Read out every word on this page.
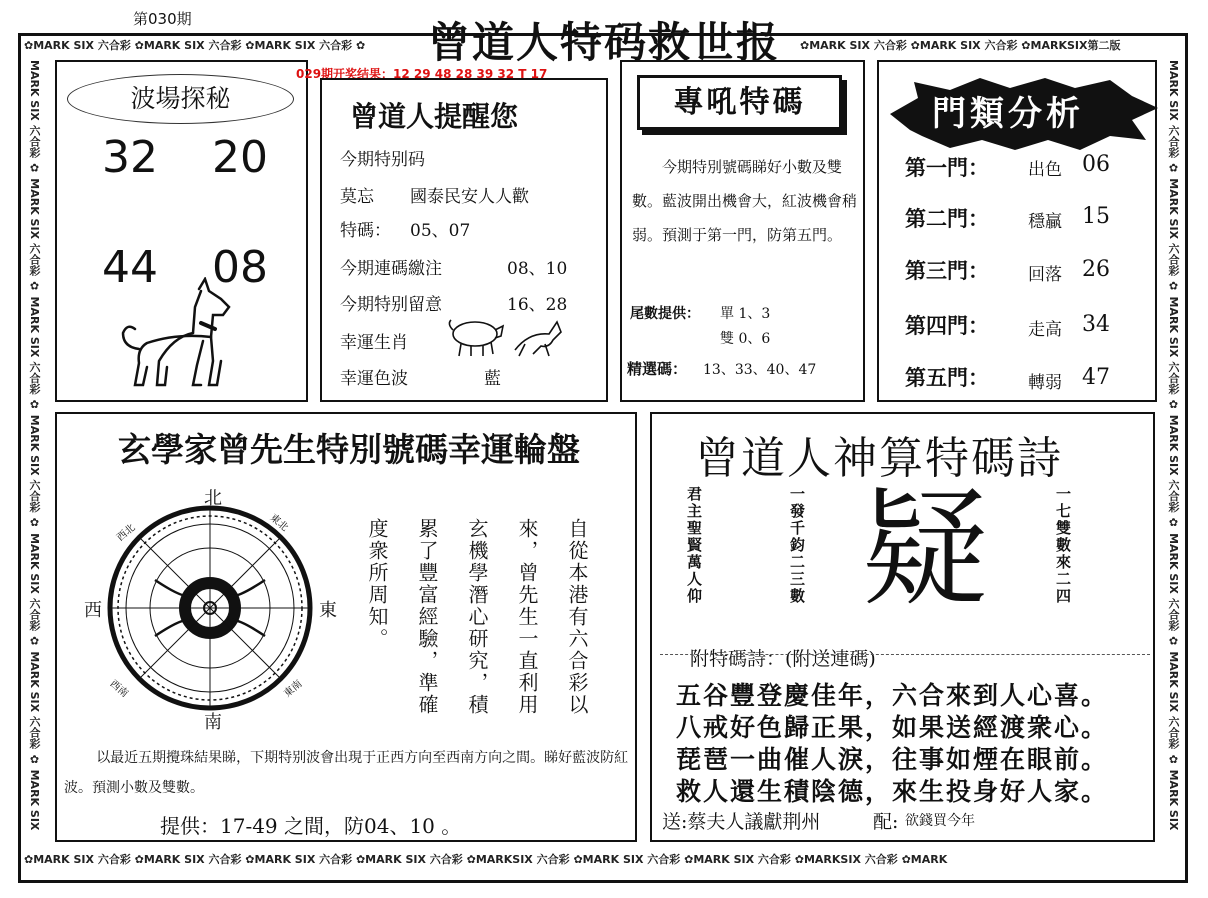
第030期	曾道人特码救世报
✿MARK SIX 六合彩 ✿MARK SIX 六合彩 ✿MARK SIX 六合彩 ✿	✿MARK SIX 六合彩 ✿MARK SIX 六合彩 ✿MARKSIX第二版
✿MARK SIX 六合彩 ✿MARK SIX 六合彩 ✿MARK SIX 六合彩 ✿MARK SIX 六合彩 ✿MARKSIX 六合彩 ✿MARK SIX 六合彩 ✿MARK SIX 六合彩 ✿MARKSIX 六合彩 ✿MARK
MARK SIX 六合彩 ✿ MARK SIX 六合彩 ✿ MARK SIX 六合彩 ✿ MARK SIX 六合彩 ✿ MARK SIX 六合彩 ✿ MARK SIX 六合彩 ✿ MARK SIX	MARK SIX 六合彩 ✿ MARK SIX 六合彩 ✿ MARK SIX 六合彩 ✿ MARK SIX 六合彩 ✿ MARK SIX 六合彩 ✿ MARK SIX 六合彩 ✿ MARK SIX
波場探秘
32 20
44 08
029期开奖结果：12 29 48 28 39 32 T 17
曾道人提醒您
今期特别码
莫忘 國泰民安人人歡
特碼： 05、07
今期連碼繳注	08、10
今期特别留意	16、28
幸運生肖
幸運色波	藍
專吼特碼
今期特別號碼睇好小數及雙數。藍波開出機會大，紅波機會稍弱。預測于第一門，防第五門。
尾數提供： 單 1、3
雙 0、6
精選碼： 13、33、40、47
門類分析
第一門： 出色 06
第二門： 穩贏 15
第三門： 回落 26
第四門： 走高 34
第五門： 轉弱 47
玄學家曾先生特別號碼幸運輪盤
北
南
東
西
東北
西北
東南
西南	自從本港有六合彩以
來，曾先生一直利用
玄機學潛心研究，積
累了豐富經驗，準確
度衆所周知。
以最近五期攪珠結果睇，下期特别波會出現于正西方向至西南方向之間。睇好藍波防紅波。預測小數及雙數。
提供：17-49 之間，防04、10 。
曾道人神算特碼詩
君主聖賢萬人仰	一發千鈞二三數	一七雙數來二四
疑
附特碼詩：(附送連碼)
五谷豐登慶佳年，六合來到人心喜。
八戒好色歸正果，如果送經渡衆心。
琵琶一曲催人淚，往事如煙在眼前。
救人還生積陰德，來生投身好人家。
送:蔡夫人議獻荆州	配: 欲錢買今年
